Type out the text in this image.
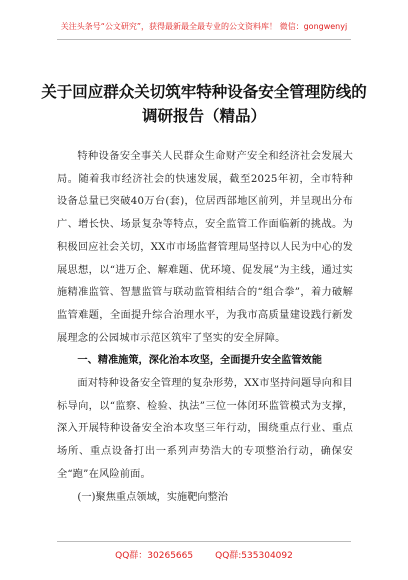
关注头条号“公文研究”，获得最新最全最专业的公文资料库！ 微信：gongwenyj
关于回应群众关切筑牢特种设备安全管理防线的
调研报告（精品）

特种设备安全事关人民群众生命财产安全和经济社会发展大局。随着我市经济社会的快速发展，截至2025年初，全市特种设备总量已突破40万台(套)，位居西部地区前列，并呈现出分布广、增长快、场景复杂等特点，安全监管工作面临新的挑战。为积极回应社会关切，XX市市场监督管理局坚持以人民为中心的发展思想，以“进万企、解难题、优环境、促发展”为主线，通过实施精准监管、智慧监管与联动监管相结合的“组合拳”，着力破解监管难题，全面提升综合治理水平，为我市高质量建设践行新发展理念的公园城市示范区筑牢了坚实的安全屏障。

一、精准施策，深化治本攻坚，全面提升安全监管效能

面对特种设备安全管理的复杂形势，XX市坚持问题导向和目标导向，以“监察、检验、执法”三位一体闭环监管模式为支撑，深入开展特种设备安全治本攻坚三年行动，围绕重点行业、重点场所、重点设备打出一系列声势浩大的专项整治行动，确保安全“跑”在风险前面。

(一)聚焦重点领域，实施靶向整治

QQ群：30265665 QQ群:535304092
